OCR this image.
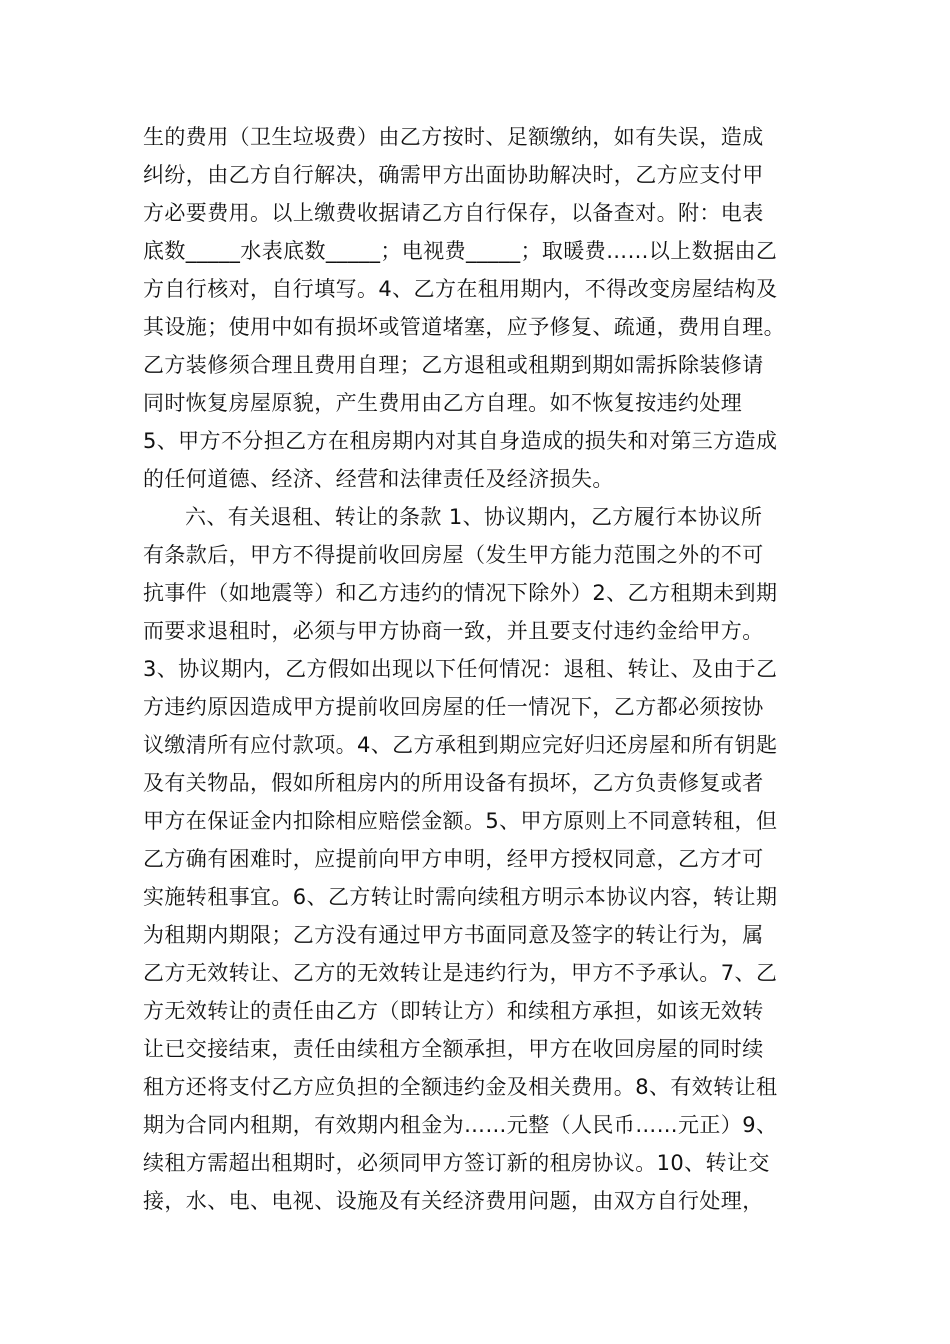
生的费用（卫生垃圾费）由乙方按时、足额缴纳，如有失误，造成
纠纷，由乙方自行解决，确需甲方出面协助解决时，乙方应支付甲
方必要费用。以上缴费收据请乙方自行保存，以备查对。附：电表
底数_____水表底数_____；电视费_____；取暖费……以上数据由乙
方自行核对，自行填写。4、乙方在租用期内，不得改变房屋结构及
其设施；使用中如有损坏或管道堵塞，应予修复、疏通，费用自理。
乙方装修须合理且费用自理；乙方退租或租期到期如需拆除装修请
同时恢复房屋原貌，产生费用由乙方自理。如不恢复按违约处理
5、甲方不分担乙方在租房期内对其自身造成的损失和对第三方造成
的任何道德、经济、经营和法律责任及经济损失。
六、有关退租、转让的条款 1、协议期内，乙方履行本协议所
有条款后，甲方不得提前收回房屋（发生甲方能力范围之外的不可
抗事件（如地震等）和乙方违约的情况下除外）2、乙方租期未到期
而要求退租时，必须与甲方协商一致，并且要支付违约金给甲方。
3、协议期内，乙方假如出现以下任何情况：退租、转让、及由于乙
方违约原因造成甲方提前收回房屋的任一情况下，乙方都必须按协
议缴清所有应付款项。4、乙方承租到期应完好归还房屋和所有钥匙
及有关物品，假如所租房内的所用设备有损坏，乙方负责修复或者
甲方在保证金内扣除相应赔偿金额。5、甲方原则上不同意转租，但
乙方确有困难时，应提前向甲方申明，经甲方授权同意，乙方才可
实施转租事宜。6、乙方转让时需向续租方明示本协议内容，转让期
为租期内期限；乙方没有通过甲方书面同意及签字的转让行为，属
乙方无效转让、乙方的无效转让是违约行为，甲方不予承认。7、乙
方无效转让的责任由乙方（即转让方）和续租方承担，如该无效转
让已交接结束，责任由续租方全额承担，甲方在收回房屋的同时续
租方还将支付乙方应负担的全额违约金及相关费用。8、有效转让租
期为合同内租期，有效期内租金为……元整（人民币……元正）9、
续租方需超出租期时，必须同甲方签订新的租房协议。10、转让交
接，水、电、电视、设施及有关经济费用问题，由双方自行处理，
